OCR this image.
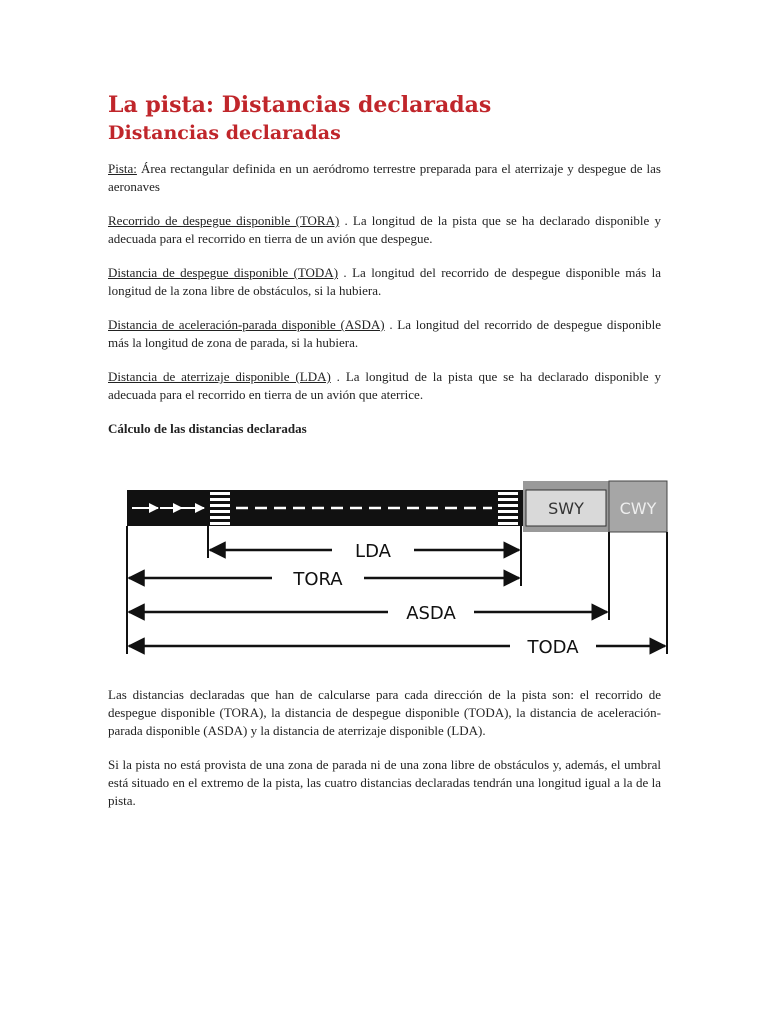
La pista: Distancias declaradas
Distancias declaradas

Pista: Área rectangular definida en un aeródromo terrestre preparada para el aterrizaje y despegue de las aeronaves

Recorrido de despegue disponible (TORA) . La longitud de la pista que se ha declarado disponible y adecuada para el recorrido en tierra de un avión que despegue.

Distancia de despegue disponible (TODA) . La longitud del recorrido de despegue disponible más la longitud de la zona libre de obstáculos, si la hubiera.

Distancia de aceleración-parada disponible (ASDA) . La longitud del recorrido de despegue disponible más la longitud de zona de parada, si la hubiera.

Distancia de aterrizaje disponible (LDA) . La longitud de la pista que se ha declarado disponible y adecuada para el recorrido en tierra de un avión que aterrice.

Cálculo de las distancias declaradas

SWY CWY
LDA
TORA
ASDA
TODA

Las distancias declaradas que han de calcularse para cada dirección de la pista son: el recorrido de despegue disponible (TORA), la distancia de despegue disponible (TODA), la distancia de aceleración-parada disponible (ASDA) y la distancia de aterrizaje disponible (LDA).

Si la pista no está provista de una zona de parada ni de una zona libre de obstáculos y, además, el umbral está situado en el extremo de la pista, las cuatro distancias declaradas tendrán una longitud igual a la de la pista.
